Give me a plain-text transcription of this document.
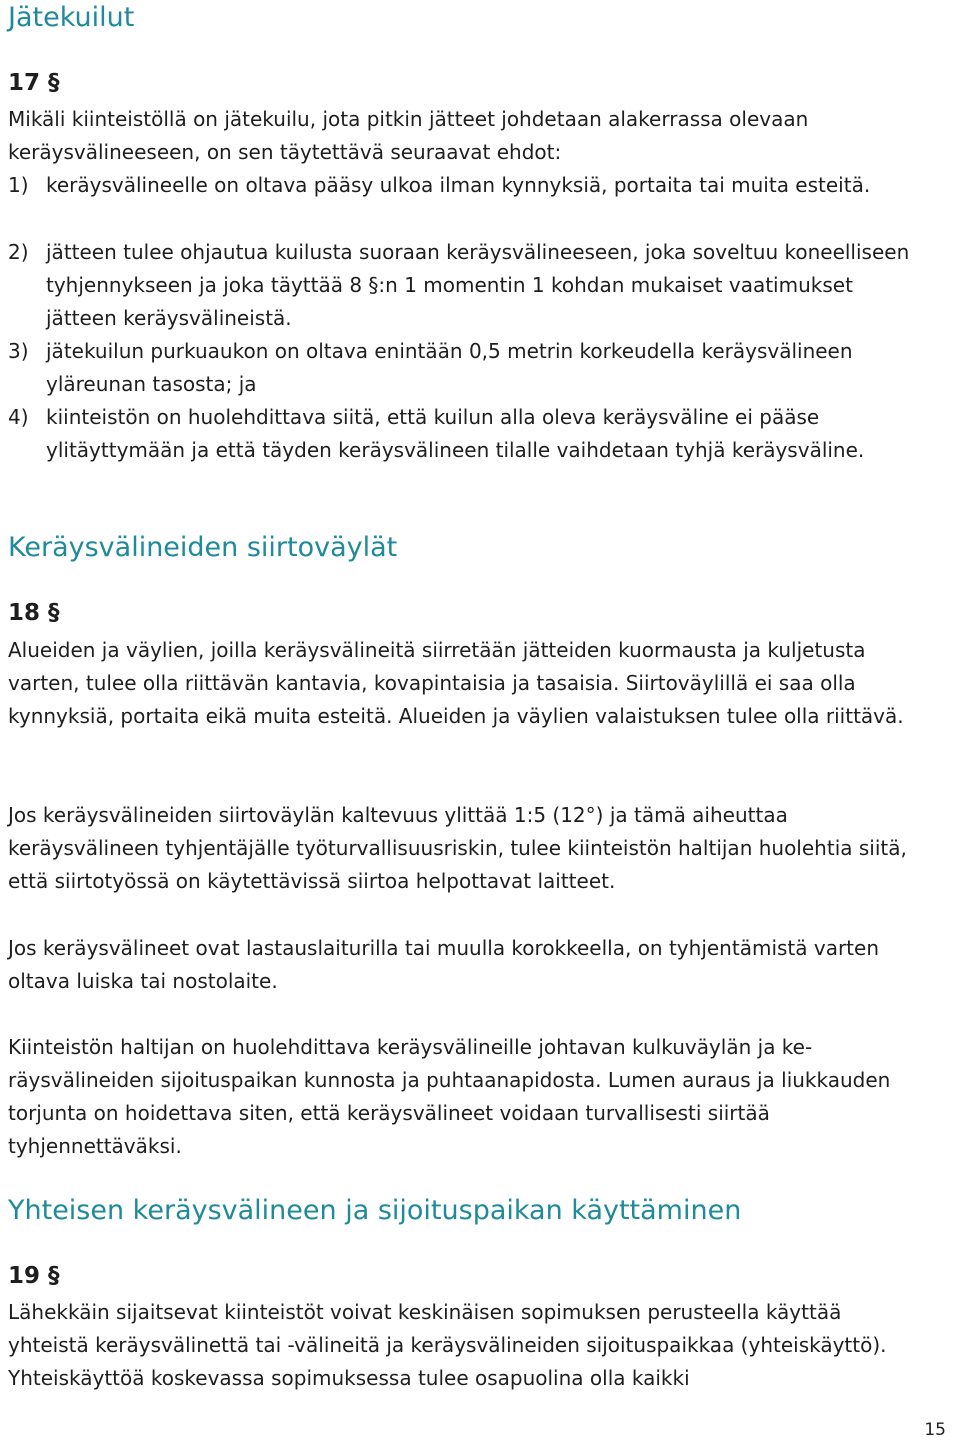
Jätekuilut
17 §

Mikäli kiinteistöllä on jätekuilu, jota pitkin jätteet johdetaan alakerrassa olevaan keräysvälineeseen, on sen täytettävä seuraavat ehdot:

1) keräysvälineelle on oltava pääsy ulkoa ilman kynnyksiä, portaita tai muita esteitä.
2) jätteen tulee ohjautua kuilusta suoraan keräysvälineeseen, joka soveltuu koneelliseen tyhjennykseen ja joka täyttää 8 §:n 1 momentin 1 kohdan mukaiset vaatimukset jätteen keräysvälineistä.
3) jätekuilun purkuaukon on oltava enintään 0,5 metrin korkeudella keräysvälineen yläreunan tasosta; ja
4) kiinteistön on huolehdittava siitä, että kuilun alla oleva keräysväline ei pääse ylitäyttymään ja että täyden keräysvälineen tilalle vaihdetaan tyhjä keräysväline.
Keräysvälineiden siirtoväylät
18 §

Alueiden ja väylien, joilla keräysvälineitä siirretään jätteiden kuormausta ja kuljetusta varten, tulee olla riittävän kantavia, kovapintaisia ja tasaisia. Siirtoväylillä ei saa olla kynnyksiä, portaita eikä muita esteitä. Alueiden ja väylien valaistuksen tulee olla riittävä.

Jos keräysvälineiden siirtoväylän kaltevuus ylittää 1:5 (12°) ja tämä aiheuttaa keräysvälineen tyhjentäjälle työturvallisuusriskin, tulee kiinteistön haltijan huolehtia siitä, että siirtotyössä on käytettävissä siirtoa helpottavat laitteet.

Jos keräysvälineet ovat lastauslaiturilla tai muulla korokkeella, on tyhjentämistä varten oltava luiska tai nostolaite.

Kiinteistön haltijan on huolehdittava keräysvälineille johtavan kulkuväylän ja keräysvälineiden sijoituspaikan kunnosta ja puhtaanapidosta. Lumen auraus ja liukkauden torjunta on hoidettava siten, että keräysvälineet voidaan turvallisesti siirtää tyhjennettäväksi.

Yhteisen keräysvälineen ja sijoituspaikan käyttäminen
19 §

Lähekkäin sijaitsevat kiinteistöt voivat keskinäisen sopimuksen perusteella käyttää yhteistä keräysvälinettä tai -välineitä ja keräysvälineiden sijoituspaikkaa (yhteiskäyttö). Yhteiskäyttöä koskevassa sopimuksessa tulee osapuolina olla kaikki

15
